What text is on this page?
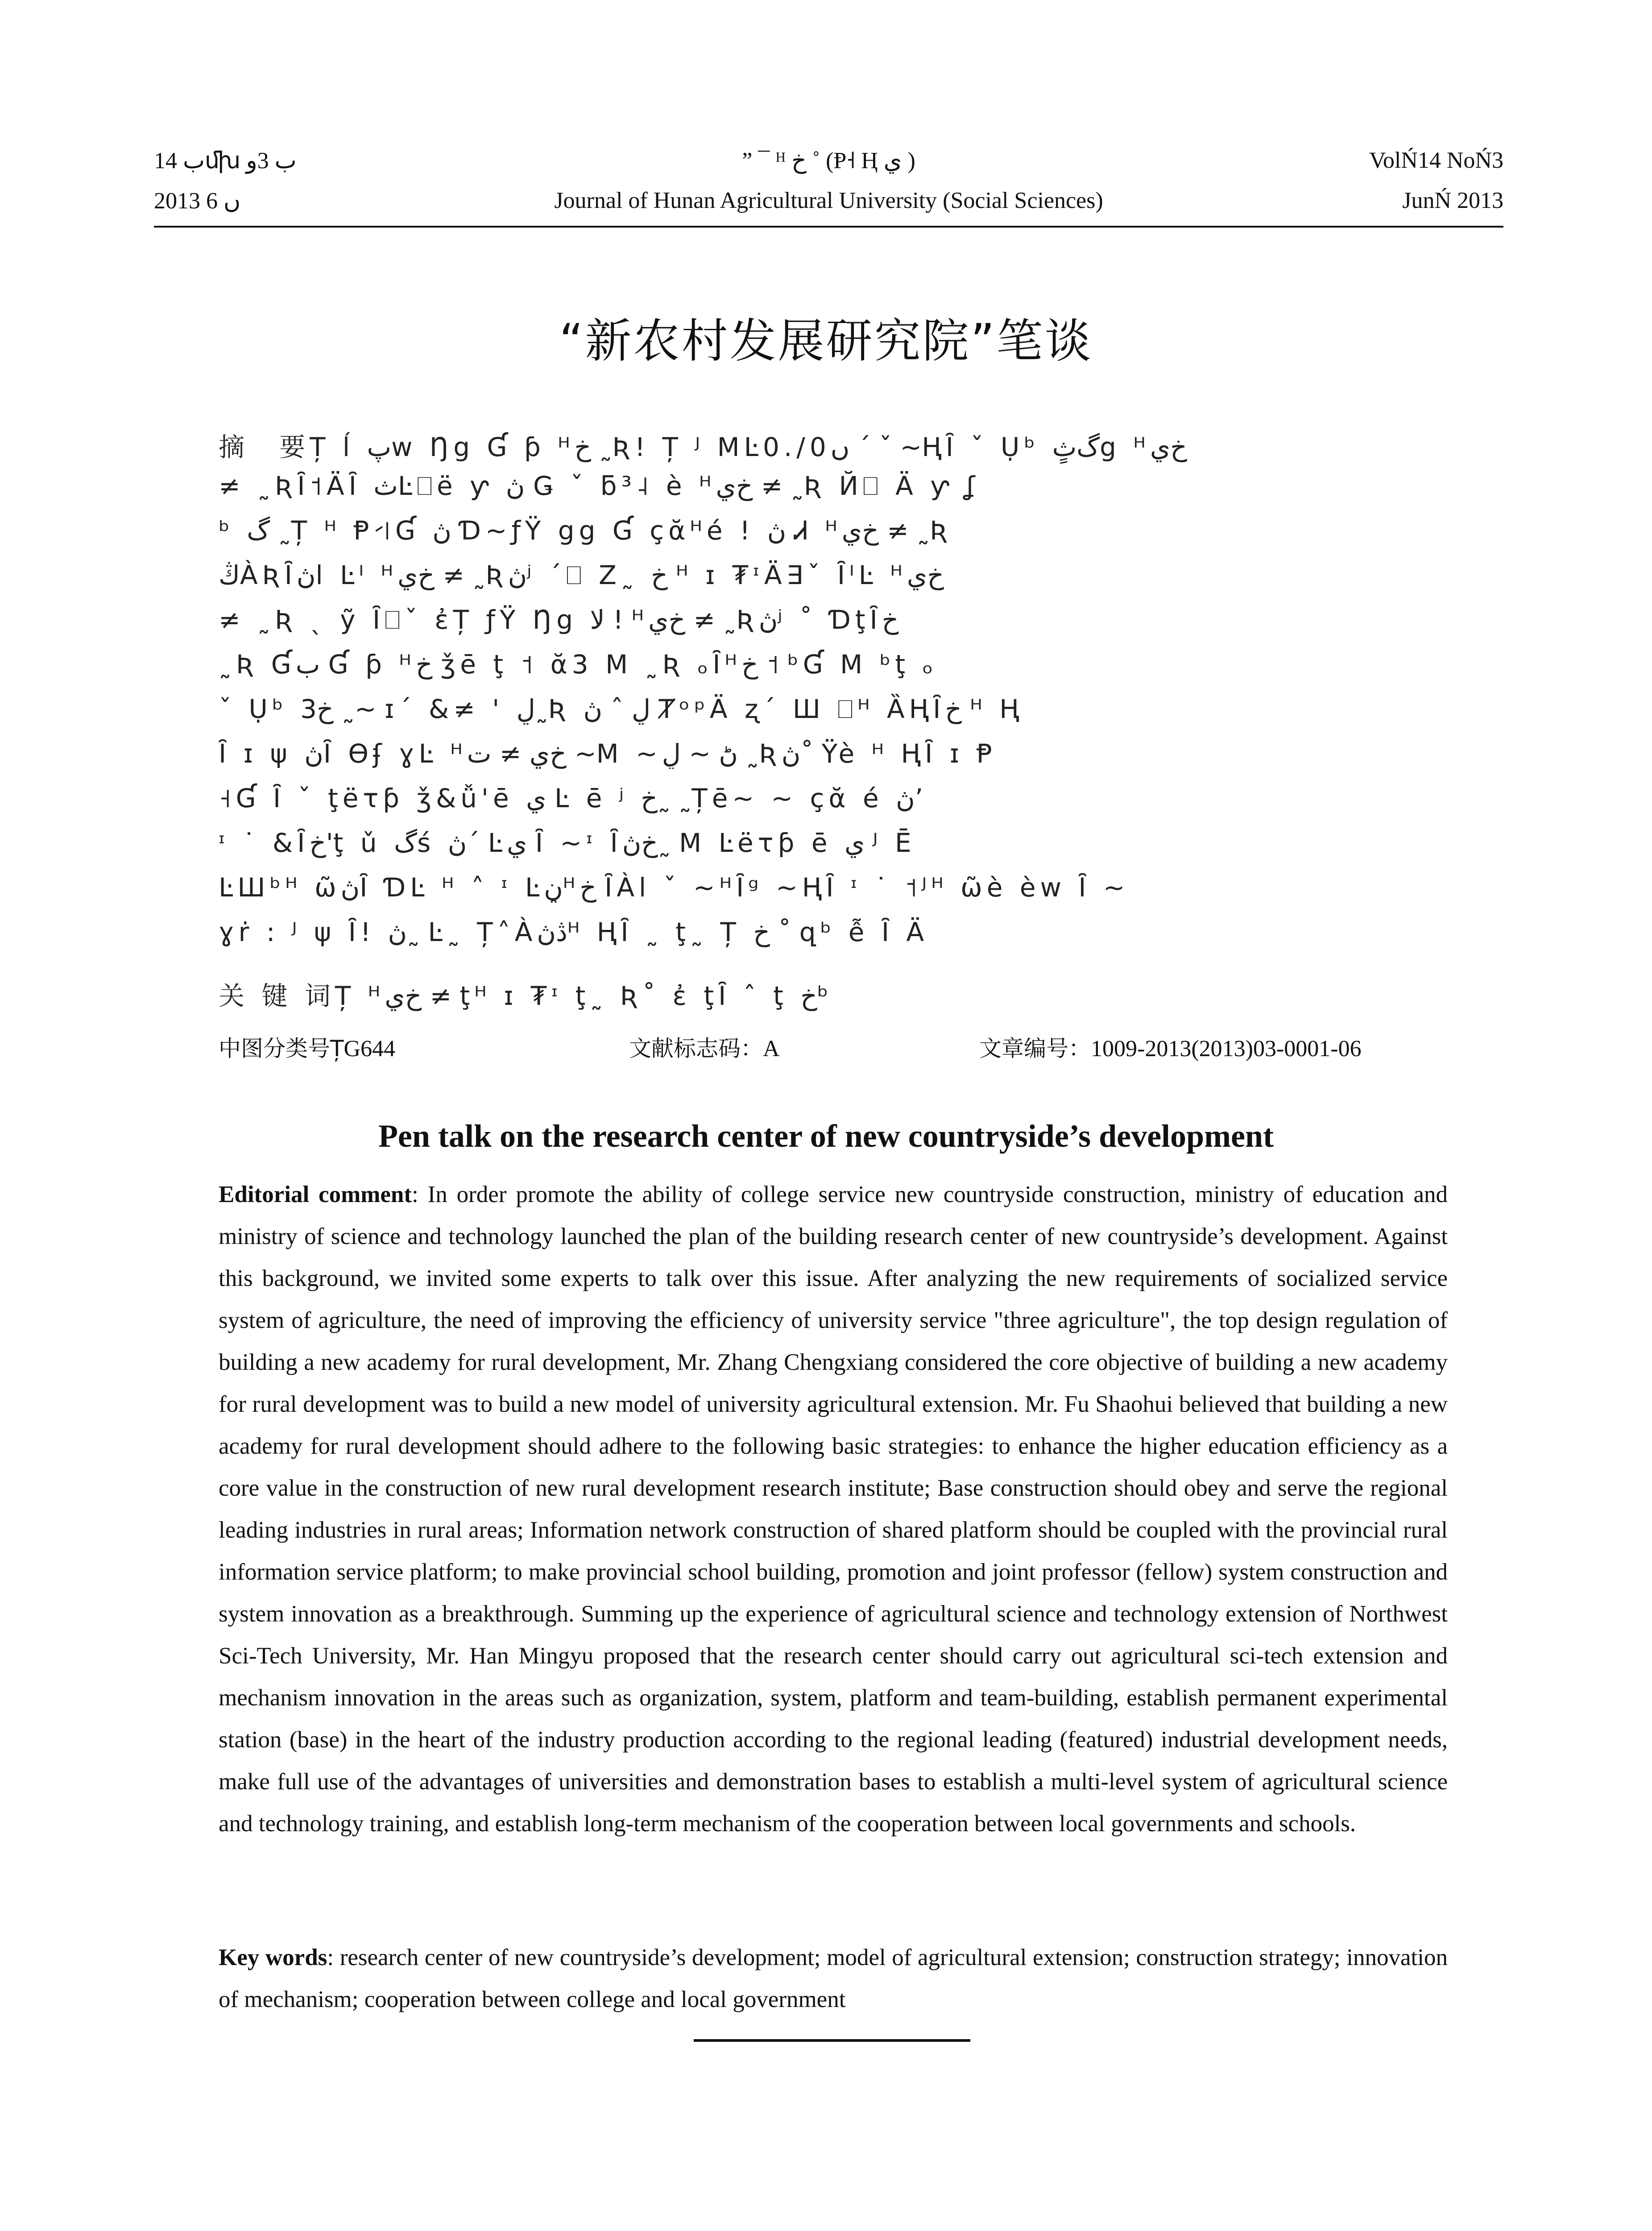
ب 14ﬗ ب 3ﻭ	” ¯ ᴴ ﺥ ˚ (Ᵽ˧ Ⱨ ي )	VolŃ14 NoŃ3
2013 ں 6	Journal of Hunan Agricultural University (Social Sciences)	JunŃ 2013
“新农村发展研究院”笔谈
摘　要Ț ĺ پٍw Ŋg Ɠ ƥ ᴴﺥ ˷Ʀ! Ț ᴶ MĿ0./0ں ´ ˇ ~ⱧȊ ˇ Ụᵇ ﮒثٍg ᴴﺥي
≠ ˷ƦȊ˦ÄȊ ثĿ⎕ë ƴ ڽ Ǥ ˇ ƃ³˨ è ᴴﺥي ≠ ˷Ʀ Й⎕ Ä ƴ ʆ
ᵇ ﮒ ˷Ț ᴴ Ᵽ˧˦Ɠ ڽ Ɗ~ƒŸ gg Ɠ çᾰᴴé ! ڽ Ꮧ ᴴﺥي ≠ ˷Ʀ
ڭÀƦȊڽl Ŀᴵ ᴴﺥي ≠ ˷Ʀڽʲ ´⎕ Z˷ ﺥ ᴴ ɪ ₮ᶦÄ∃ˇ ȊᴵĿ ᴴﺥي
≠ ˷Ʀ ˎ ỹ Ȋ⎕ˇ ἐȚ ƒŸ Ŋg ﻻ ! ᴴﺥي ≠ ˷Ʀڽʲ ˚ ƊţȊﺥ
˷Ʀ Ɠﺏ Ɠ ƥ ᴴﺥ ǯē ţ ˦ ᾰ3 M ˷Ʀ ₒȊᴴﺥ ˦ ᵇƓ M ᵇţ ₒ
ˇ Ụᵇ ﺥ3 ˷~ ɪ´ &≠ ' ڸ˷Ʀ ڸ ˆ ڽ ȾᵒᵖÄ ʐ´ Ш ⎕ᴴ ȀⱧȊﺥ ᴴ Ⱨ
Ȋ ɪ ψ ڽȊ Ɵʄ ɣĿ ᴴﺥي ≠ ﺕ ~M ~ڻ ~ ڸ ˷Ʀڽ˚ Ÿè ᴴ ⱧȊ ɪ Ᵽ
˧Ɠ Ȋ ˇ ţëτƥ ǯ&ǚ'ē ي Ŀ ē ʲ ﺥ˷ ˷Țē~ ~ çᾰ é ڽ’
ᶦ ˙ &Ȋﺥ'ţ ǔ ﮒś ڽ´ Ŀي Ȋ ~ᶦ Ȋﺥڽ˷ M Ŀëτƥ ē ي ᴶ Ē
ĿШᵇᴴ ῶڽȊ ƊĿ ᴴ ˄ ᶦ Ŀڼᴴﺥ ȊÀl ˇ ~ᴴȊᵍ ~ⱧȊ ᶦ ˙ ˦ᴶᴴ ῶè èw Ȋ ~
ɣṙ : ᴶ ψ Ȋ! ڽ˷ Ŀ˷ Ț˄Àڎڽᴴ ⱧȊ ˷ ţ˷ Ț ﺥ ˚ զᵇ ễ Ȋ Ä
关 键 词Ț ᴴﺥي ≠ ţᴴ ɪ ₮ᶦ ţ˷ Ʀ˚ ἐ ţȊ ˆ ţ ﺥᵇ
中图分类号ȚG644	文献标志码：A	文章编号：1009-2013(2013)03-0001-06
Pen talk on the research center of new countryside’s development
Editorial comment: In order promote the ability of college service new countryside construction, ministry of education and ministry of science and technology launched the plan of the building research center of new countryside’s development. Against this background, we invited some experts to talk over this issue. After analyzing the new requirements of socialized service system of agriculture, the need of improving the efficiency of university service "three agriculture", the top design regulation of building a new academy for rural development, Mr. Zhang Chengxiang considered the core objective of building a new academy for rural development was to build a new model of university agricultural extension. Mr. Fu Shaohui believed that building a new academy for rural development should adhere to the following basic strategies: to enhance the higher education efficiency as a core value in the construction of new rural development research institute; Base construction should obey and serve the regional leading industries in rural areas; Information network construction of shared platform should be coupled with the provincial rural information service platform; to make provincial school building, promotion and joint professor (fellow) system construction and system innovation as a breakthrough. Summing up the experience of agricultural science and technology extension of Northwest Sci-Tech University, Mr. Han Mingyu proposed that the research center should carry out agricultural sci-tech extension and mechanism innovation in the areas such as organization, system, platform and team-building, establish permanent experimental station (base) in the heart of the industry production according to the regional leading (featured) industrial development needs, make full use of the advantages of universities and demonstration bases to establish a multi-level system of agricultural science and technology training, and establish long-term mechanism of the cooperation between local governments and schools.
Key words: research center of new countryside’s development; model of agricultural extension; construction strategy; innovation of mechanism; cooperation between college and local government
